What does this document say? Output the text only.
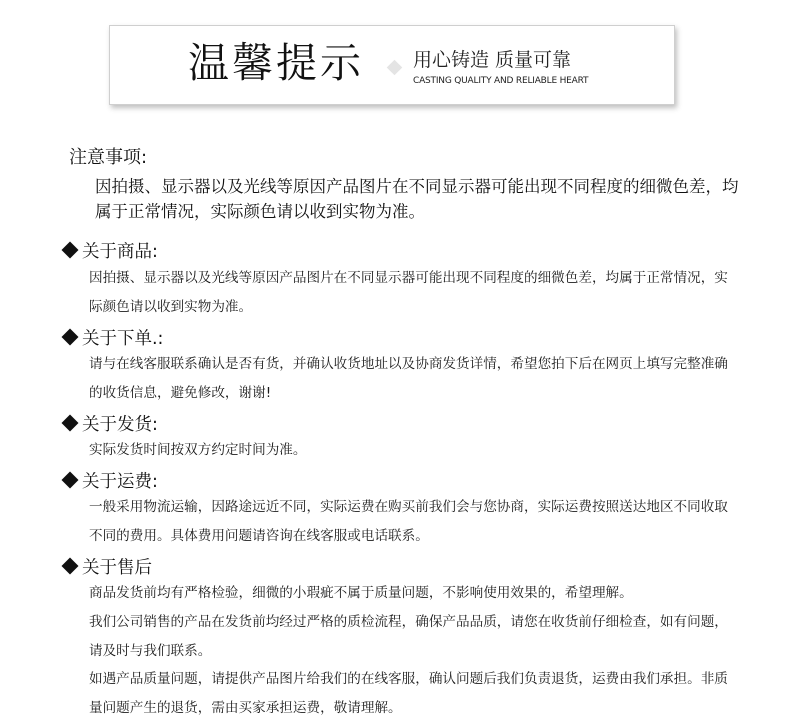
温馨提示	用心铸造 质量可靠
CASTING QUALITY AND RELIABLE HEART
注意事项:
因拍摄、显示器以及光线等原因产品图片在不同显示器可能出现不同程度的细微色差，均属于正常情况，实际颜色请以收到实物为准。
关于商品:
因拍摄、显示器以及光线等原因产品图片在不同显示器可能出现不同程度的细微色差，均属于正常情况，实际颜色请以收到实物为准。
关于下单.:
请与在线客服联系确认是否有货，并确认收货地址以及协商发货详情，希望您拍下后在网页上填写完整准确的收货信息，避免修改，谢谢!
关于发货:
实际发货时间按双方约定时间为准。
关于运费:
一般采用物流运输，因路途远近不同，实际运费在购买前我们会与您协商，实际运费按照送达地区不同收取不同的费用。具体费用问题请咨询在线客服或电话联系。
关于售后
商品发货前均有严格检验，细微的小瑕疵不属于质量问题，不影响使用效果的，希望理解。
我们公司销售的产品在发货前均经过严格的质检流程，确保产品品质，请您在收货前仔细检查，如有问题，请及时与我们联系。
如遇产品质量问题，请提供产品图片给我们的在线客服，确认问题后我们负责退货，运费由我们承担。非质量问题产生的退货，需由买家承担运费，敬请理解。
